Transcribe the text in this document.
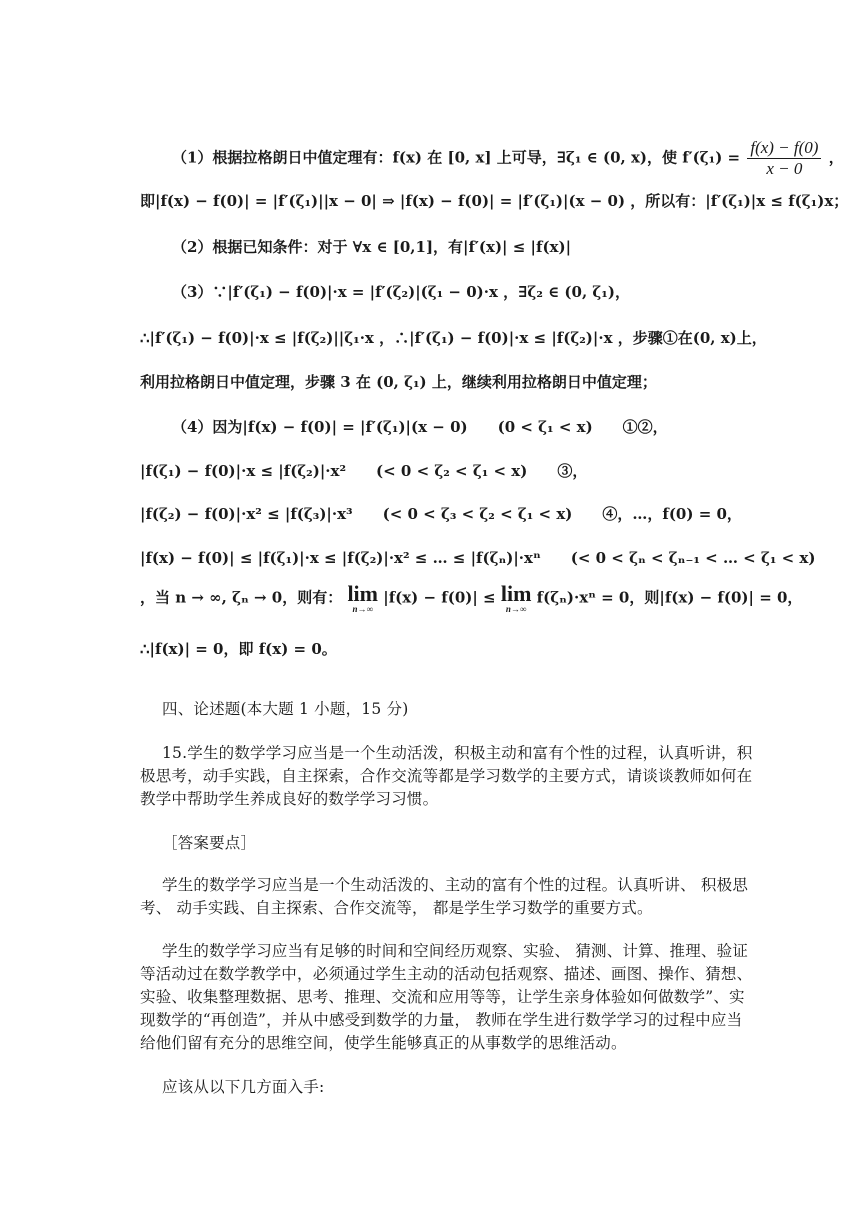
（1）根据拉格朗日中值定理有：f(x) 在 [0, x] 上可导，∃ζ₁ ∈ (0, x)，使 $f'(\zeta_1) = \frac{f(x) - f(0)}{x - 0}$ ，
即|f(x) − f(0)| = |f′(ζ₁)||x − 0| ⇒ |f(x) − f(0)| = |f′(ζ₁)|(x − 0) ，所以有：|f′(ζ₁)|x ≤ f(ζ₁)x；
（2）根据已知条件：对于 ∀x ∈ [0,1]，有|f′(x)| ≤ |f(x)|
（3）∵|f′(ζ₁) − f(0)|·x = |f′(ζ₂)|(ζ₁ − 0)·x ，∃ζ₂ ∈ (0, ζ₁)，
∴|f′(ζ₁) − f(0)|·x ≤ |f(ζ₂)||ζ₁·x ，∴|f′(ζ₁) − f(0)|·x ≤ |f(ζ₂)|·x ，步骤①在(0, x)上，
利用拉格朗日中值定理，步骤 3 在 (0, ζ₁) 上，继续利用拉格朗日中值定理；
（4）因为|f(x) − f(0)| = |f′(ζ₁)|(x − 0)　　(0 < ζ₁ < x)　　①②，
|f(ζ₁) − f(0)|·x ≤ |f(ζ₂)|·x²　　(< 0 < ζ₂ < ζ₁ < x)　　③，
|f(ζ₂) − f(0)|·x² ≤ |f(ζ₃)|·x³　　(< 0 < ζ₃ < ζ₂ < ζ₁ < x)　　④，…，f(0) = 0，
|f(x) − f(0)| ≤ |f(ζ₁)|·x ≤ |f(ζ₂)|·x² ≤ … ≤ |f(ζₙ)|·xⁿ　　(< 0 < ζₙ < ζₙ₋₁ < … < ζ₁ < x)
，当 n → ∞, ζₙ → 0，则有： lim
n→∞
|f(x) − f(0)| ≤ lim
n→∞
f(ζₙ)·xⁿ = 0，则|f(x) − f(0)| = 0，
∴|f(x)| = 0，即 f(x) = 0。
四、论述题(本大题 1 小题，15 分)
15.学生的数学学习应当是一个生动活泼，积极主动和富有个性的过程，认真听讲，积
极思考，动手实践，自主探索，合作交流等都是学习数学的主要方式，请谈谈教师如何在
教学中帮助学生养成良好的数学学习习惯。
［答案要点］
学生的数学学习应当是一个生动活泼的、主动的富有个性的过程。认真听讲、 积极思
考、 动手实践、自主探索、合作交流等， 都是学生学习数学的重要方式。
学生的数学学习应当有足够的时间和空间经历观察、实验、 猜测、计算、推理、验证
等活动过在数学教学中，必须通过学生主动的活动包括观察、描述、画图、操作、猜想、
实验、收集整理数据、思考、推理、交流和应用等等，让学生亲身体验如何做数学”、实
现数学的“再创造”，并从中感受到数学的力量， 教师在学生进行数学学习的过程中应当
给他们留有充分的思维空间，使学生能够真正的从事数学的思维活动。
应该从以下几方面入手:
